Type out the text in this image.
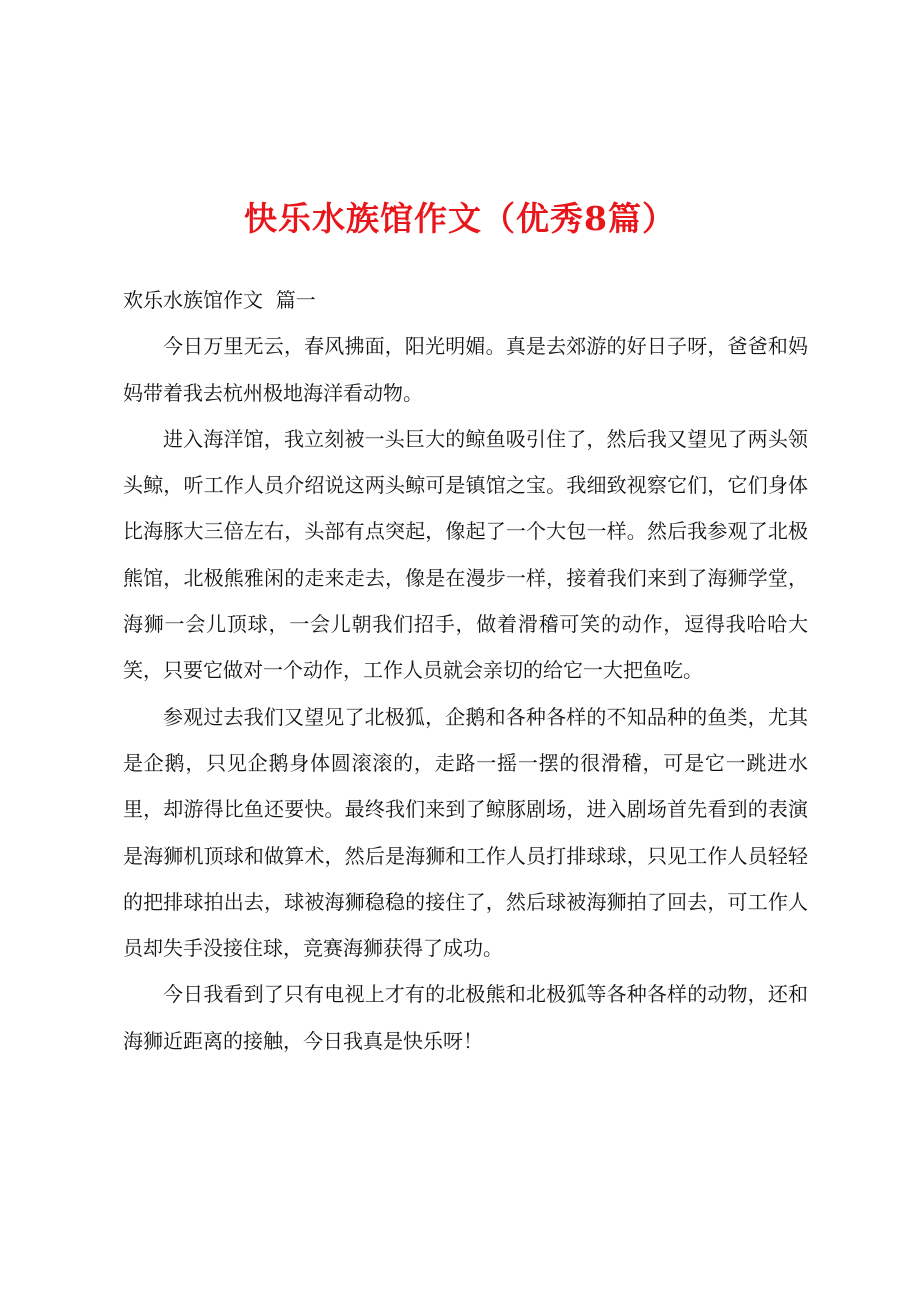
快乐水族馆作文（优秀8篇）

欢乐水族馆作文  篇一

今日万里无云，春风拂面，阳光明媚。真是去郊游的好日子呀，爸爸和妈妈带着我去杭州极地海洋看动物。

进入海洋馆，我立刻被一头巨大的鲸鱼吸引住了，然后我又望见了两头领头鲸，听工作人员介绍说这两头鲸可是镇馆之宝。我细致视察它们，它们身体比海豚大三倍左右，头部有点突起，像起了一个大包一样。然后我参观了北极熊馆，北极熊雅闲的走来走去，像是在漫步一样，接着我们来到了海狮学堂，海狮一会儿顶球，一会儿朝我们招手，做着滑稽可笑的动作，逗得我哈哈大笑，只要它做对一个动作，工作人员就会亲切的给它一大把鱼吃。

参观过去我们又望见了北极狐，企鹅和各种各样的不知品种的鱼类，尤其是企鹅，只见企鹅身体圆滚滚的，走路一摇一摆的很滑稽，可是它一跳进水里，却游得比鱼还要快。最终我们来到了鲸豚剧场，进入剧场首先看到的表演是海狮机顶球和做算术，然后是海狮和工作人员打排球球，只见工作人员轻轻的把排球拍出去，球被海狮稳稳的接住了，然后球被海狮拍了回去，可工作人员却失手没接住球，竞赛海狮获得了成功。

今日我看到了只有电视上才有的北极熊和北极狐等各种各样的动物，还和海狮近距离的接触，今日我真是快乐呀！
